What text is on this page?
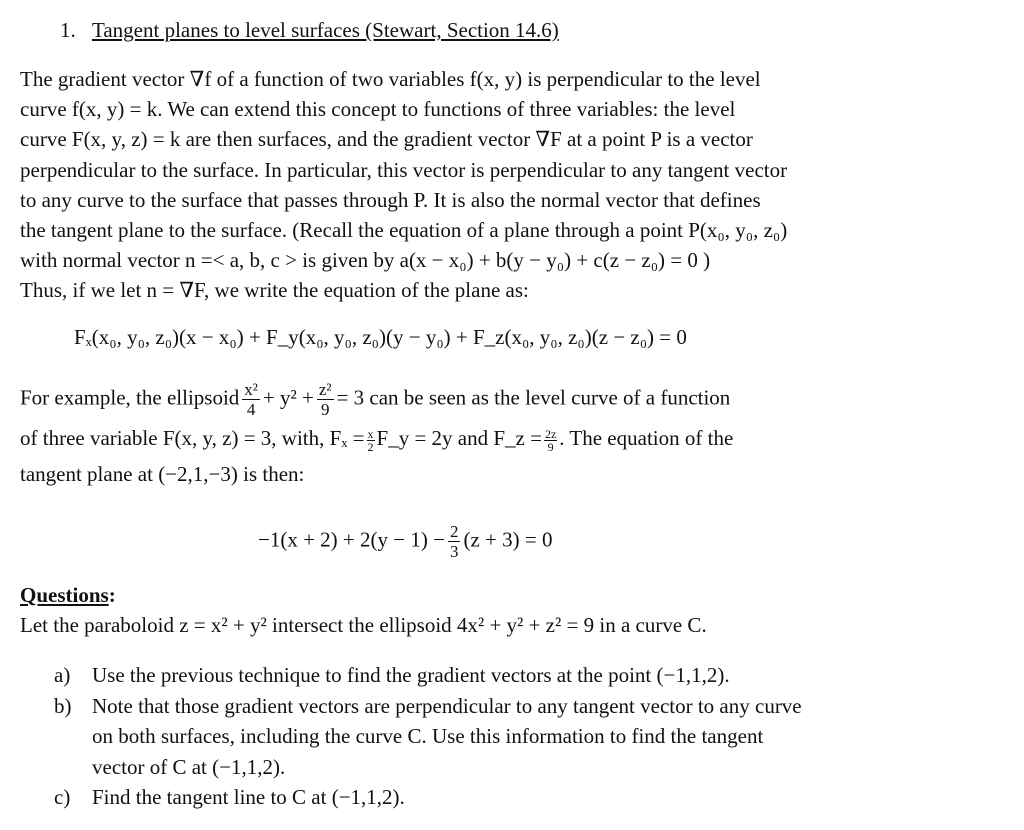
1. Tangent planes to level surfaces (Stewart, Section 14.6)
The gradient vector ∇f of a function of two variables f(x, y) is perpendicular to the level
curve f(x, y) = k. We can extend this concept to functions of three variables: the level
curve F(x, y, z) = k are then surfaces, and the gradient vector ∇F at a point P is a vector
perpendicular to the surface. In particular, this vector is perpendicular to any tangent vector
to any curve to the surface that passes through P. It is also the normal vector that defines
the tangent plane to the surface. (Recall the equation of a plane through a point P(x₀, y₀, z₀)
with normal vector n =< a, b, c > is given by a(x − x₀) + b(y − y₀) + c(z − z₀) = 0 )
Thus, if we let n = ∇F, we write the equation of the plane as:
Fₓ(x₀, y₀, z₀)(x − x₀) + F_y(x₀, y₀, z₀)(y − y₀) + F_z(x₀, y₀, z₀)(z − z₀) = 0
For example, the ellipsoid $\frac{\text{x²}}{4} + y^2 + \frac{\text{z²}}{9} = 3$ can be seen as the level curve of a function
of three variable F(x, y, z) = 3, with, $F_x = \frac{x}{2}$ F_y = 2y and F_z = $\frac{2z}{9}$ . The equation of the
tangent plane at (−2,1,−3) is then:
$-1(x + 2) + 2(y - 1) - \frac{2}{3} (z + 3) = 0$
Questions:
Let the paraboloid z = x² + y² intersect the ellipsoid 4x² + y² + z² = 9 in a curve C.
a) Use the previous technique to find the gradient vectors at the point (−1,1,2).
b) Note that those gradient vectors are perpendicular to any tangent vector to any curve
on both surfaces, including the curve C. Use this information to find the tangent
vector of C at (−1,1,2).
c) Find the tangent line to C at (−1,1,2).
